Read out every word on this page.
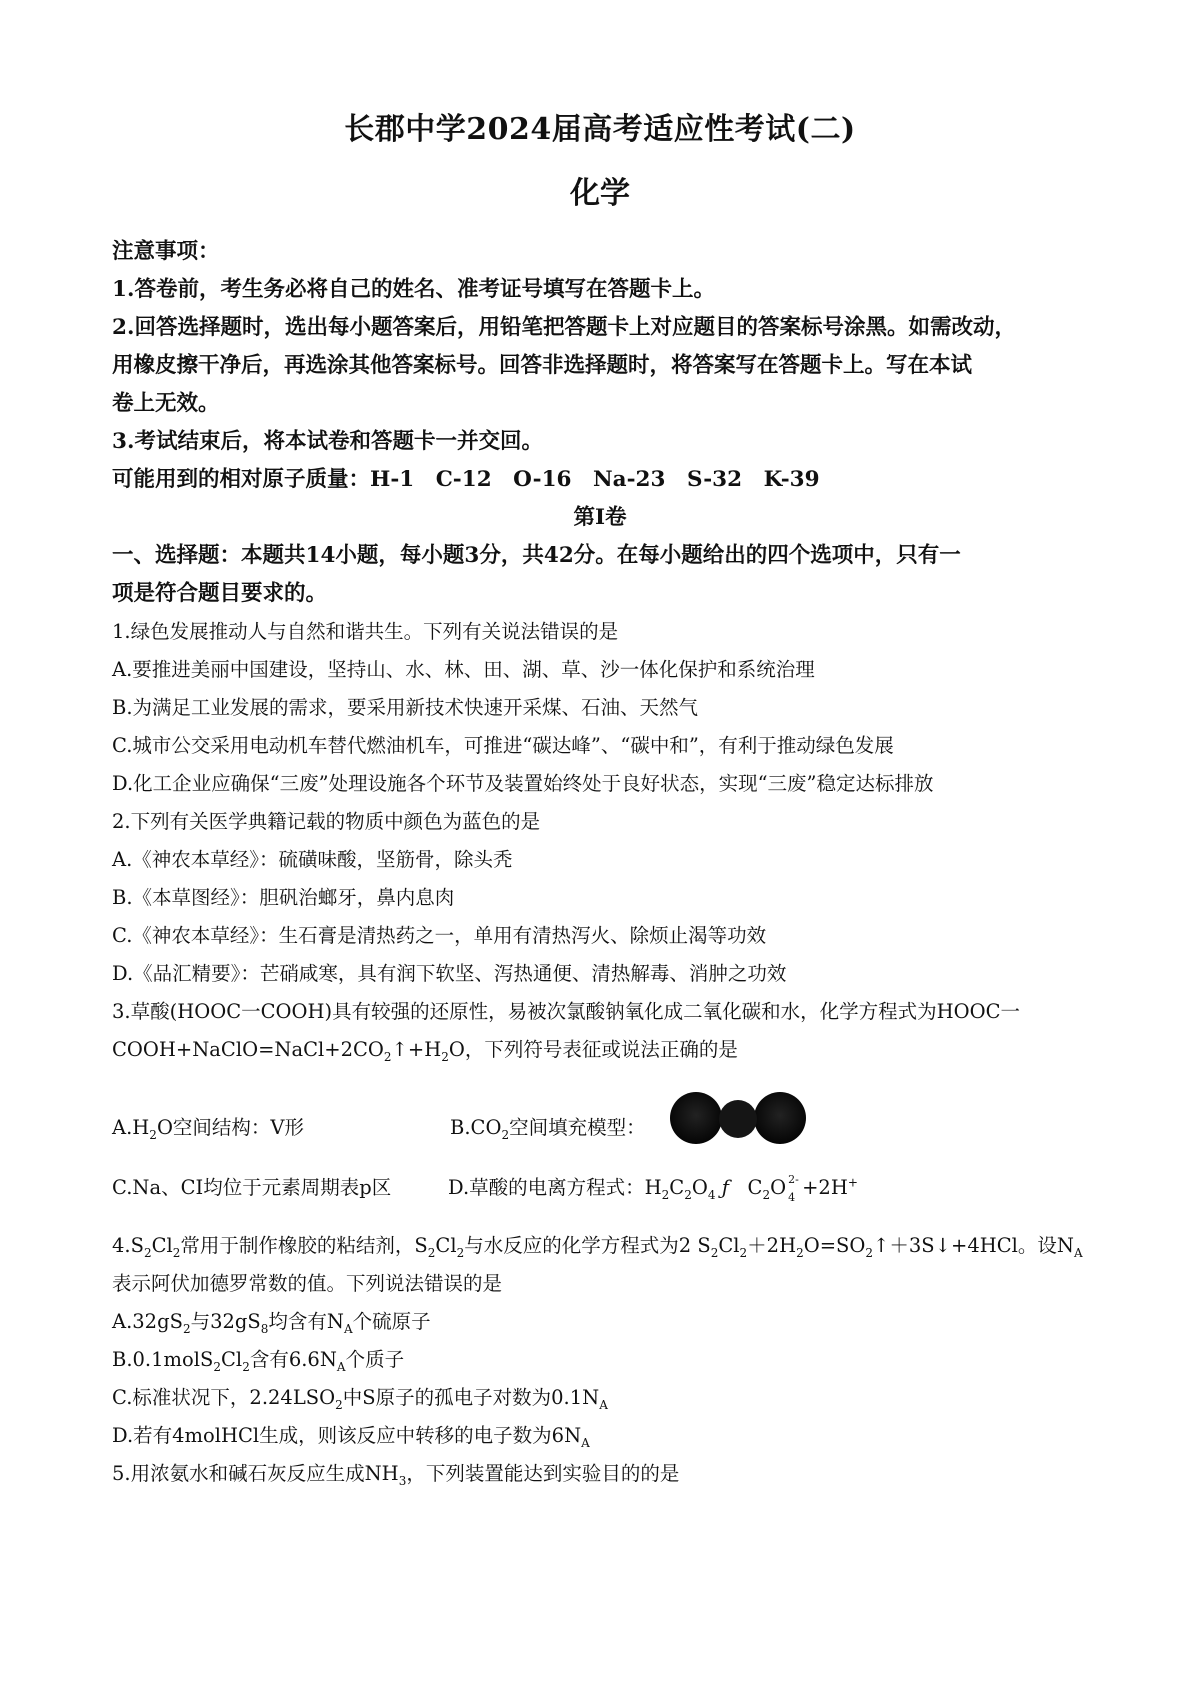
长郡中学2024届高考适应性考试(二)
化学
注意事项：
1.答卷前，考生务必将自己的姓名、准考证号填写在答题卡上。
2.回答选择题时，选出每小题答案后，用铅笔把答题卡上对应题目的答案标号涂黑。如需改动，
用橡皮擦干净后，再选涂其他答案标号。回答非选择题时，将答案写在答题卡上。写在本试
卷上无效。
3.考试结束后，将本试卷和答题卡一并交回。
可能用到的相对原子质量：H-1　C-12　O-16　Na-23　S-32　K-39
第Ⅰ卷
一、选择题：本题共14小题，每小题3分，共42分。在每小题给出的四个选项中，只有一
项是符合题目要求的。
1.绿色发展推动人与自然和谐共生。下列有关说法错误的是
A.要推进美丽中国建设，坚持山、水、林、田、湖、草、沙一体化保护和系统治理
B.为满足工业发展的需求，要采用新技术快速开采煤、石油、天然气
C.城市公交采用电动机车替代燃油机车，可推进“碳达峰”、“碳中和”，有利于推动绿色发展
D.化工企业应确保“三废”处理设施各个环节及装置始终处于良好状态，实现“三废”稳定达标排放
2.下列有关医学典籍记载的物质中颜色为蓝色的是
A.《神农本草经》：硫磺味酸，坚筋骨，除头秃
B.《本草图经》：胆矾治螂牙，鼻内息肉
C.《神农本草经》：生石膏是清热药之一，单用有清热泻火、除烦止渴等功效
D.《品汇精要》：芒硝咸寒，具有润下软坚、泻热通便、清热解毒、消肿之功效
3.草酸(HOOC一COOH)具有较强的还原性，易被次氯酸钠氧化成二氧化碳和水，化学方程式为HOOC一
$COOH+NaClO=NaCl+2CO_2↑+H_2O$，下列符号表征或说法正确的是
$A.H_2O$空间结构：V形	$B.CO_2$空间填充模型：
C.Na、CI均位于元素周期表p区	D.草酸的电离方程式：$H_2C_2O_4$ ƒ $C_2O$ 2-
4 +2H+
$4.S_2Cl_2$常用于制作橡胶的粘结剂，$S_2Cl_2$与水反应的化学方程式为2 $S_2Cl_2+2H_2O=SO_2↑+3S↓+4HCl$。设$N_A$
表示阿伏加德罗常数的值。下列说法错误的是
$A.32gS_2$与$32gS_8$均含有$N_A$个硫原子
$B.0.1molS_2Cl_2$含有$6.6N_A$个质子
C.标准状况下，$2.24LSO_2$中S原子的孤电子对数为$0.1N_A$
D.若有4molHCl生成，则该反应中转移的电子数为$6N_A$
5.用浓氨水和碱石灰反应生成$NH_3$，下列装置能达到实验目的的是
